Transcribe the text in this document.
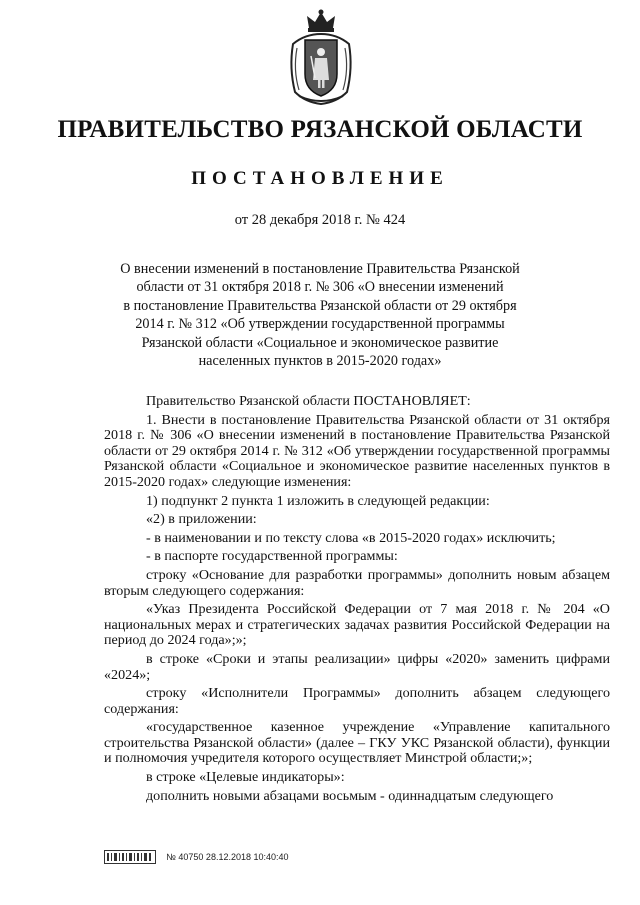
ПРАВИТЕЛЬСТВО РЯЗАНСКОЙ ОБЛАСТИ
ПОСТАНОВЛЕНИЕ
от 28 декабря 2018 г. № 424
О внесении изменений в постановление Правительства Рязанской
области от 31 октября 2018 г. № 306 «О внесении изменений
в постановление Правительства Рязанской области от 29 октября
2014 г. № 312 «Об утверждении государственной программы
Рязанской области «Социальное и экономическое развитие
населенных пунктов в 2015-2020 годах»

Правительство Рязанской области ПОСТАНОВЛЯЕТ:

1. Внести в постановление Правительства Рязанской области от 31 октября 2018 г. № 306 «О внесении изменений в постановление Правительства Рязанской области от 29 октября 2014 г. № 312 «Об утверждении государственной программы Рязанской области «Социальное и экономическое развитие населенных пунктов в 2015-2020 годах» следующие изменения:

1) подпункт 2 пункта 1 изложить в следующей редакции:

«2) в приложении:

- в наименовании и по тексту слова «в 2015-2020 годах» исключить;

- в паспорте государственной программы:

строку «Основание для разработки программы» дополнить новым абзацем вторым следующего содержания:

«Указ Президента Российской Федерации от 7 мая 2018 г. № 204 «О национальных мерах и стратегических задачах развития Российской Федерации на период до 2024 года»;»;

в строке «Сроки и этапы реализации» цифры «2020» заменить цифрами «2024»;

строку «Исполнители Программы» дополнить абзацем следующего содержания:

«государственное казенное учреждение «Управление капитального строительства Рязанской области» (далее – ГКУ УКС Рязанской области), функции и полномочия учредителя которого осуществляет Минстрой области;»;

в строке «Целевые индикаторы»:

дополнить новыми абзацами восьмым - одиннадцатым следующего

№ 40750 28.12.2018 10:40:40
